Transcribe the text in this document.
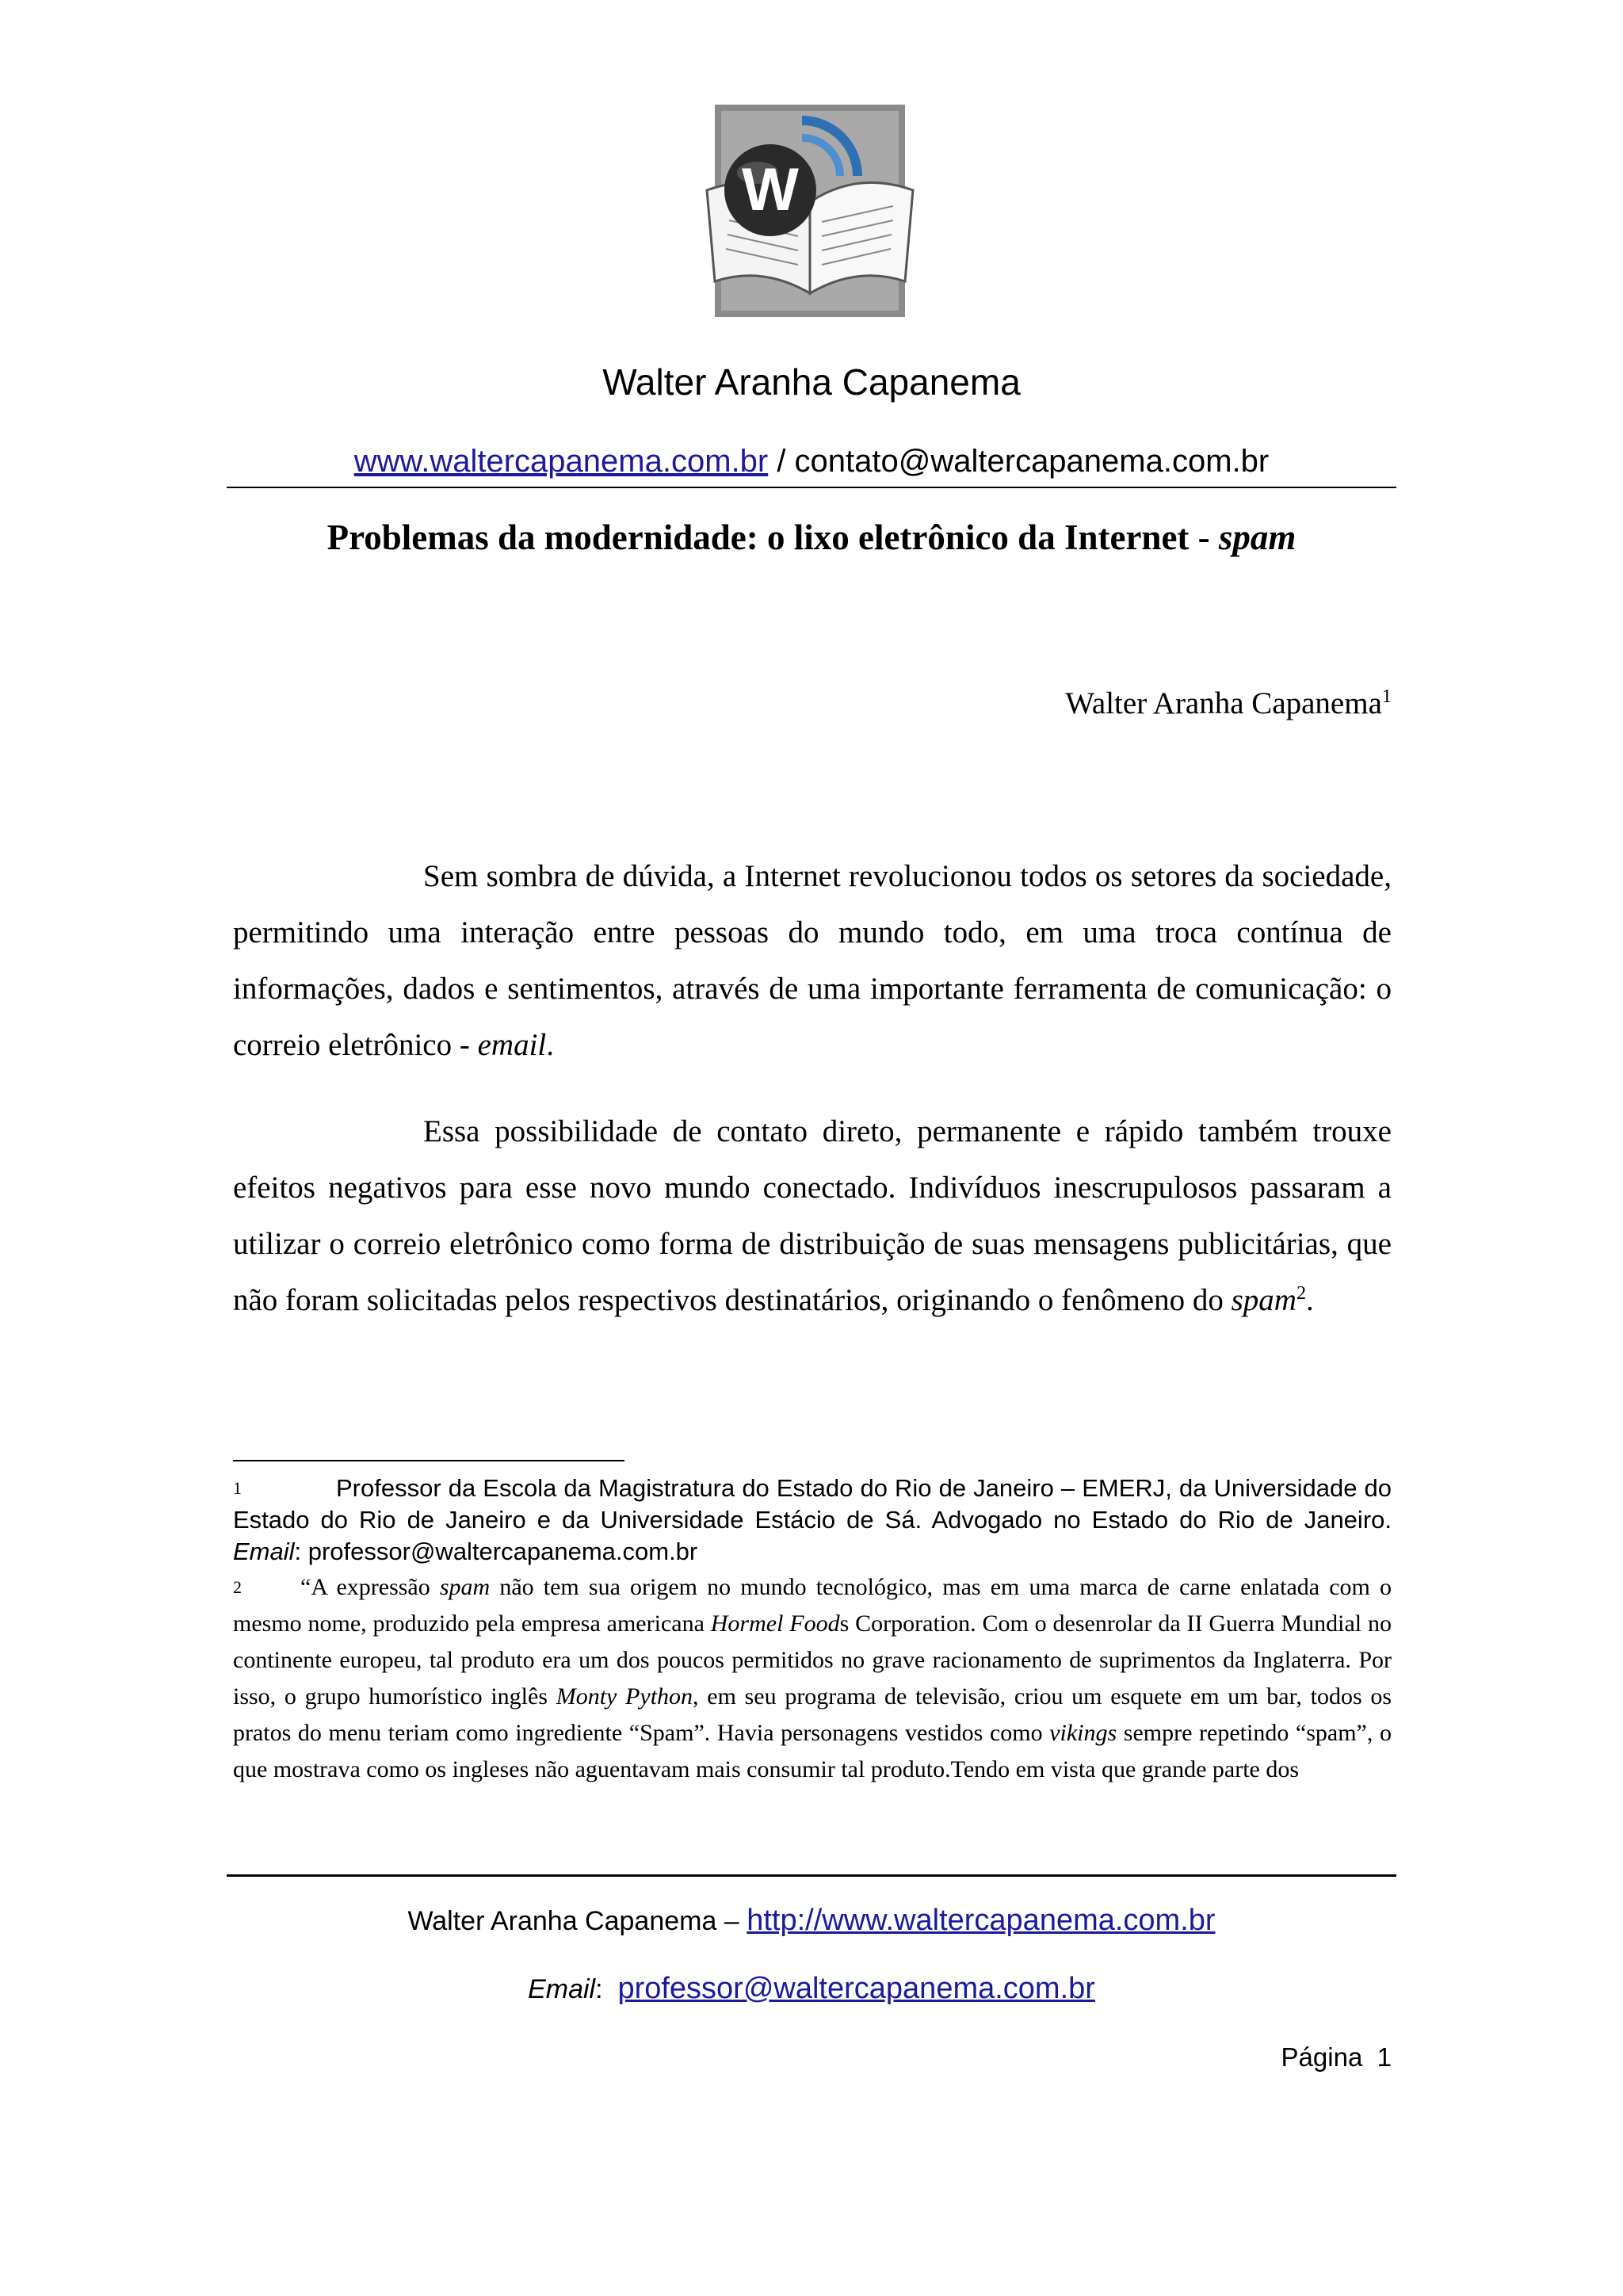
W
Walter Aranha Capanema
www.waltercapanema.com.br / contato@waltercapanema.com.br
Problemas da modernidade: o lixo eletrônico da Internet - spam
Walter Aranha Capanema$^1$
Sem sombra de dúvida, a Internet revolucionou todos os setores da sociedade, permitindo uma interação entre pessoas do mundo todo, em uma troca contínua de informações, dados e sentimentos, através de uma importante ferramenta de comunicação: o correio eletrônico - email.
Essa possibilidade de contato direto, permanente e rápido também trouxe efeitos negativos para esse novo mundo conectado. Indivíduos inescrupulosos passaram a utilizar o correio eletrônico como forma de distribuição de suas mensagens publicitárias, que não foram solicitadas pelos respectivos destinatários, originando o fenômeno do spam$^2$.
1	Professor da Escola da Magistratura do Estado do Rio de Janeiro – EMERJ, da Universidade do Estado do Rio de Janeiro e da Universidade Estácio de Sá. Advogado no Estado do Rio de Janeiro. Email: professor@waltercapanema.com.br
2 “A expressão spam não tem sua origem no mundo tecnológico, mas em uma marca de carne enlatada com o mesmo nome, produzido pela empresa americana Hormel Foods Corporation. Com o desenrolar da II Guerra Mundial no continente europeu, tal produto era um dos poucos permitidos no grave racionamento de suprimentos da Inglaterra. Por isso, o grupo humorístico inglês Monty Python, em seu programa de televisão, criou um esquete em um bar, todos os pratos do menu teriam como ingrediente “Spam”. Havia personagens vestidos como vikings sempre repetindo “spam”, o que mostrava como os ingleses não aguentavam mais consumir tal produto.Tendo em vista que grande parte dos
Walter Aranha Capanema – http://www.waltercapanema.com.br
Email:  professor@waltercapanema.com.br
Página  1
